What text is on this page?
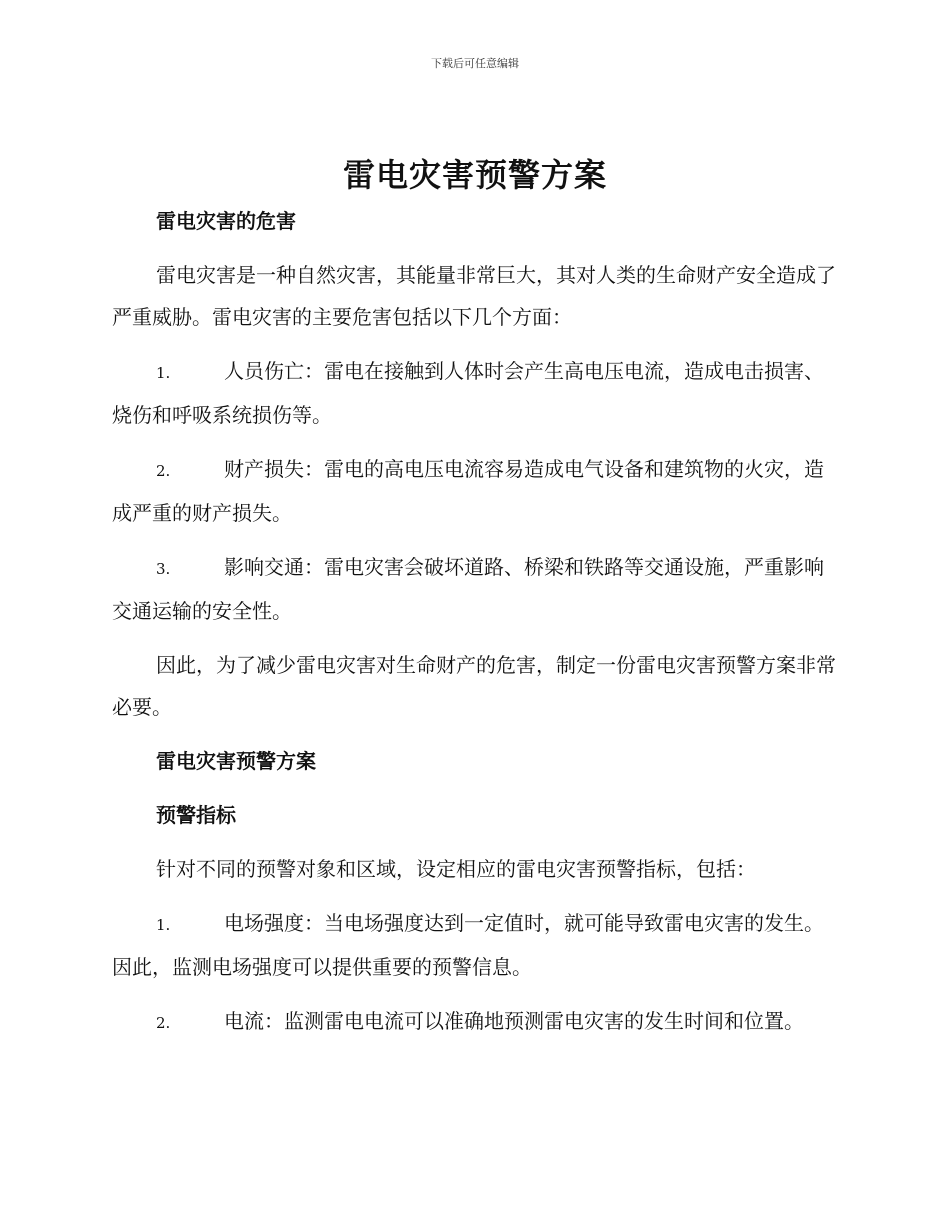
下载后可任意编辑
雷电灾害预警方案
雷电灾害的危害

雷电灾害是一种自然灾害，其能量非常巨大，其对人类的生命财产安全造成了严重威胁。雷电灾害的主要危害包括以下几个方面：

1.	人员伤亡：雷电在接触到人体时会产生高电压电流，造成电击损害、烧伤和呼吸系统损伤等。

2.	财产损失：雷电的高电压电流容易造成电气设备和建筑物的火灾，造成严重的财产损失。

3.	影响交通：雷电灾害会破坏道路、桥梁和铁路等交通设施，严重影响交通运输的安全性。

因此，为了减少雷电灾害对生命财产的危害，制定一份雷电灾害预警方案非常必要。

雷电灾害预警方案
预警指标

针对不同的预警对象和区域，设定相应的雷电灾害预警指标，包括：

1.	电场强度：当电场强度达到一定值时，就可能导致雷电灾害的发生。因此，监测电场强度可以提供重要的预警信息。

2.	电流：监测雷电电流可以准确地预测雷电灾害的发生时间和位置。
